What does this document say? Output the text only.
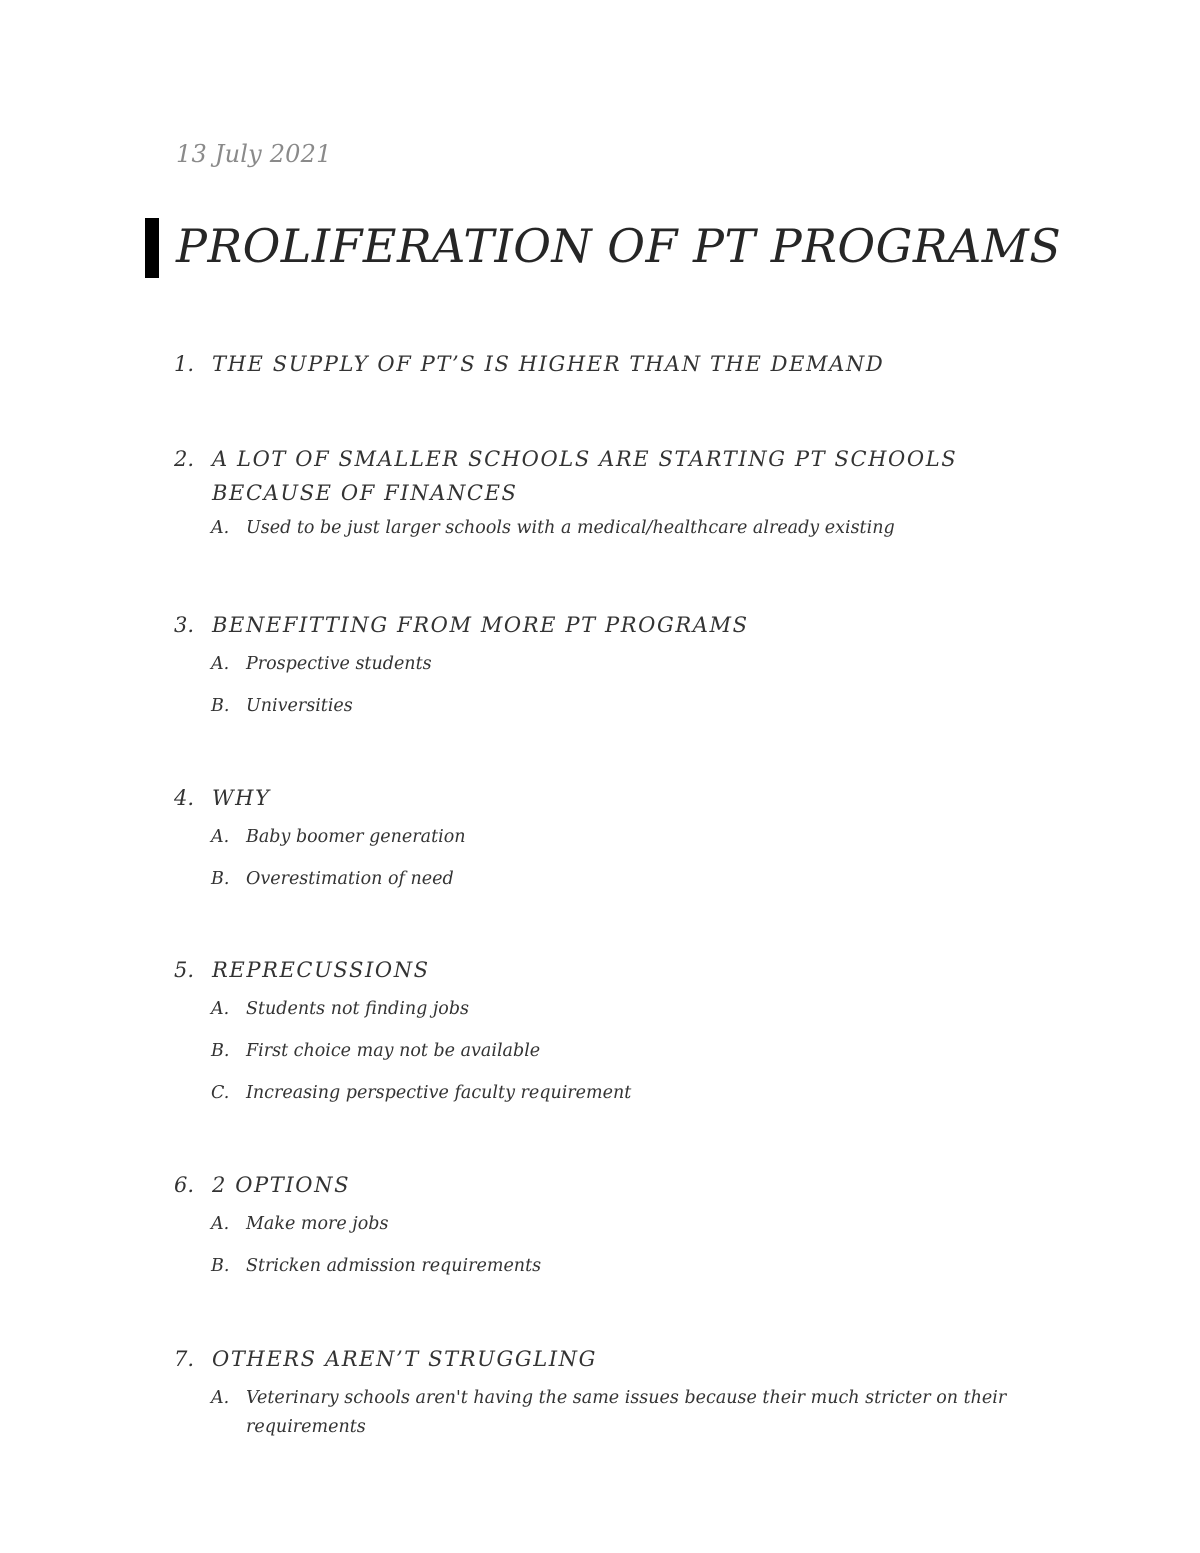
13 July 2021
PROLIFERATION OF PT PROGRAMS
1. THE SUPPLY OF PT’S IS HIGHER THAN THE DEMAND
2. A LOT OF SMALLER SCHOOLS ARE STARTING PT SCHOOLS BECAUSE OF FINANCES
A. Used to be just larger schools with a medical/healthcare already existing
3. BENEFITTING FROM MORE PT PROGRAMS
A. Prospective students
B. Universities
4. WHY
A. Baby boomer generation
B. Overestimation of need
5. REPRECUSSIONS
A. Students not finding jobs
B. First choice may not be available
C. Increasing perspective faculty requirement
6. 2 OPTIONS
A. Make more jobs
B. Stricken admission requirements
7. OTHERS AREN’T STRUGGLING
A. Veterinary schools aren't having the same issues because their much stricter on their requirements
